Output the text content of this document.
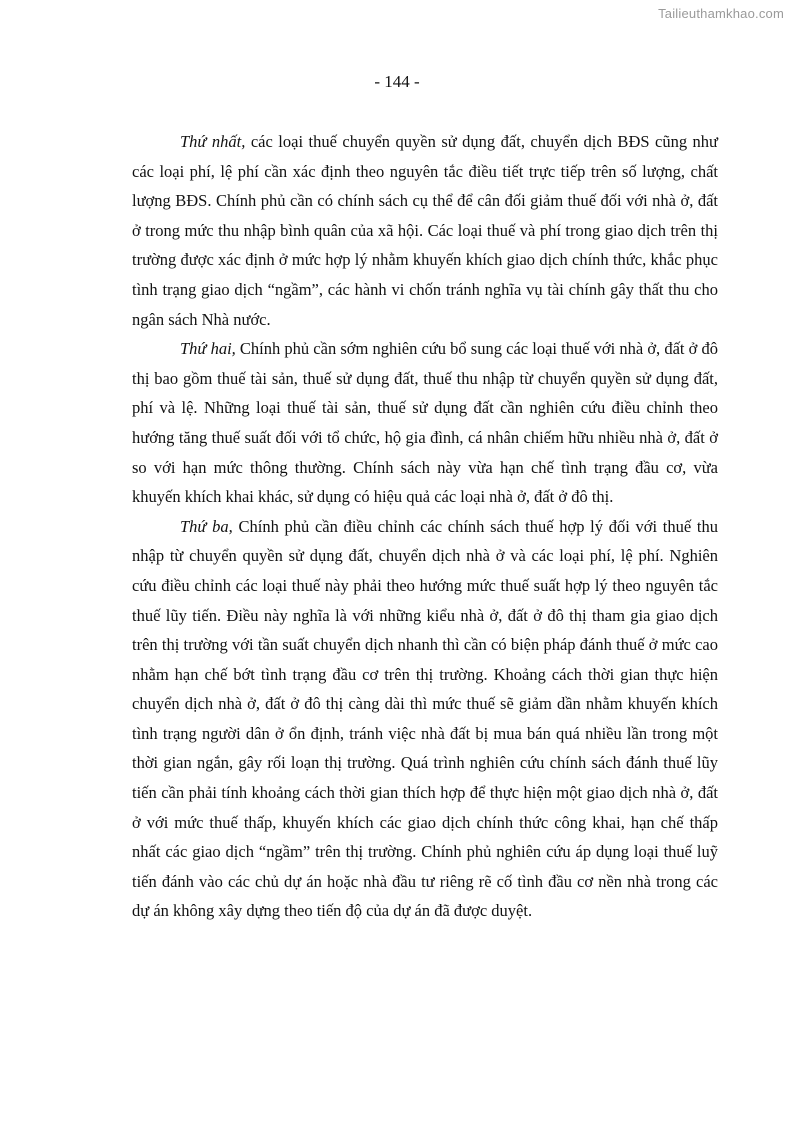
Tailieuthamkhao.com
- 144 -

Thứ nhất, các loại thuế chuyển quyền sử dụng đất, chuyển dịch BĐS cũng như các loại phí, lệ phí cần xác định theo nguyên tắc điều tiết trực tiếp trên số lượng, chất lượng BĐS. Chính phủ cần có chính sách cụ thể để cân đối giảm thuế đối với nhà ở, đất ở trong mức thu nhập bình quân của xã hội. Các loại thuế và phí trong giao dịch trên thị trường được xác định ở mức hợp lý nhằm khuyến khích giao dịch chính thức, khắc phục tình trạng giao dịch “ngầm”, các hành vi chốn tránh nghĩa vụ tài chính gây thất thu cho ngân sách Nhà nước.

Thứ hai, Chính phủ cần sớm nghiên cứu bổ sung các loại thuế với nhà ở, đất ở đô thị bao gồm thuế tài sản, thuế sử dụng đất, thuế thu nhập từ chuyển quyền sử dụng đất, phí và lệ. Những loại thuế tài sản, thuế sử dụng đất cần nghiên cứu điều chỉnh theo hướng tăng thuế suất đối với tổ chức, hộ gia đình, cá nhân chiếm hữu nhiều nhà ở, đất ở so với hạn mức thông thường. Chính sách này vừa hạn chế tình trạng đầu cơ, vừa khuyến khích khai khác, sử dụng có hiệu quả các loại nhà ở, đất ở đô thị.

Thứ ba, Chính phủ cần điều chỉnh các chính sách thuế hợp lý đối với thuế thu nhập từ chuyển quyền sử dụng đất, chuyển dịch nhà ở và các loại phí, lệ phí. Nghiên cứu điều chỉnh các loại thuế này phải theo hướng mức thuế suất hợp lý theo nguyên tắc thuế lũy tiến. Điều này nghĩa là với những kiểu nhà ở, đất ở đô thị tham gia giao dịch trên thị trường với tần suất chuyển dịch nhanh thì cần có biện pháp đánh thuế ở mức cao nhằm hạn chế bớt tình trạng đầu cơ trên thị trường. Khoảng cách thời gian thực hiện chuyển dịch nhà ở, đất ở đô thị càng dài thì mức thuế sẽ giảm dần nhằm khuyến khích tình trạng người dân ở ổn định, tránh việc nhà đất bị mua bán quá nhiều lần trong một thời gian ngắn, gây rối loạn thị trường. Quá trình nghiên cứu chính sách đánh thuế lũy tiến cần phải tính khoảng cách thời gian thích hợp để thực hiện một giao dịch nhà ở, đất ở với mức thuế thấp, khuyến khích các giao dịch chính thức công khai, hạn chế thấp nhất các giao dịch “ngầm” trên thị trường. Chính phủ nghiên cứu áp dụng loại thuế luỹ tiến đánh vào các chủ dự án hoặc nhà đầu tư riêng rẽ cố tình đầu cơ nền nhà trong các dự án không xây dựng theo tiến độ của dự án đã được duyệt.
